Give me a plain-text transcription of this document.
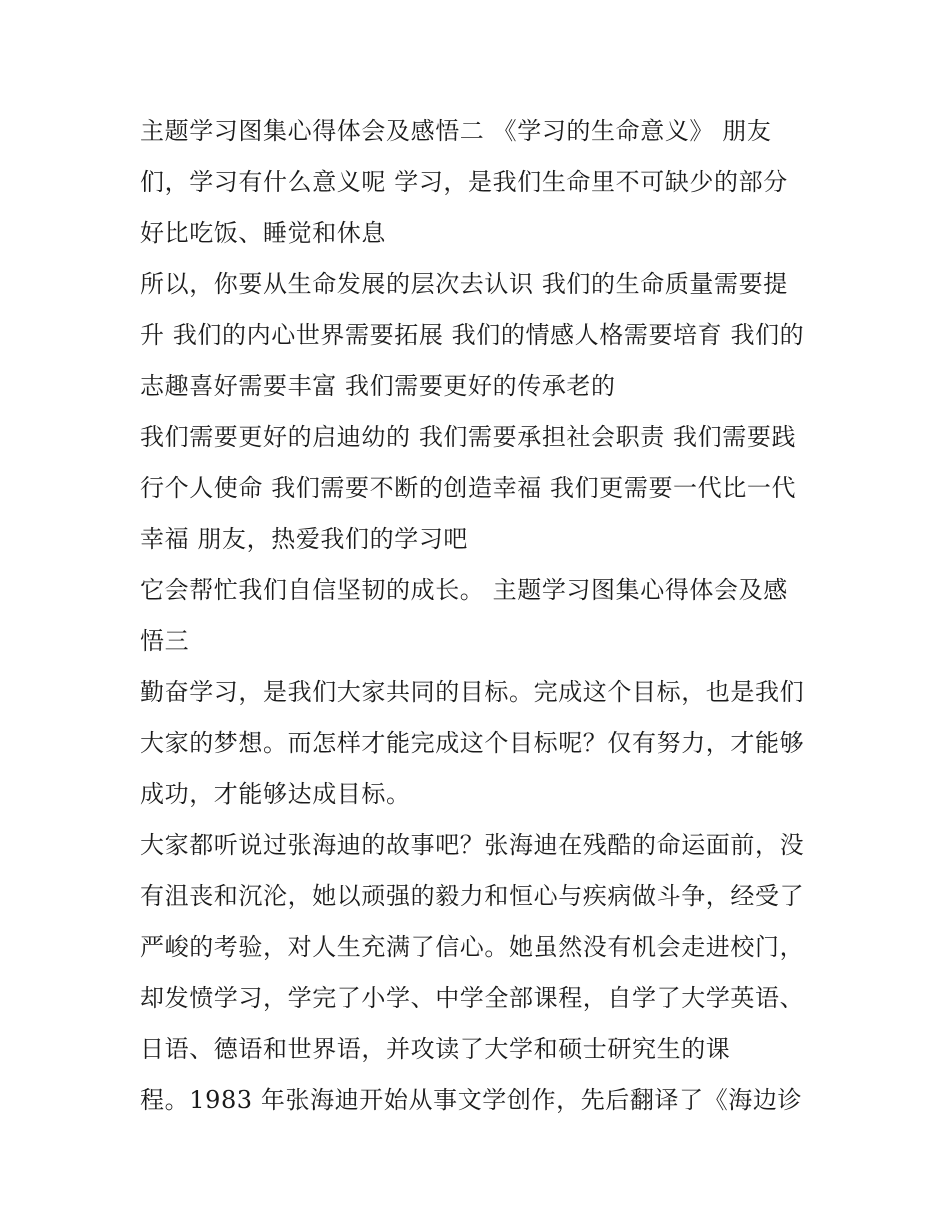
主题学习图集心得体会及感悟二 《学习的生命意义》 朋友
们，学习有什么意义呢 学习，是我们生命里不可缺少的部分
好比吃饭、睡觉和休息
所以，你要从生命发展的层次去认识 我们的生命质量需要提
升 我们的内心世界需要拓展 我们的情感人格需要培育 我们的
志趣喜好需要丰富 我们需要更好的传承老的
我们需要更好的启迪幼的 我们需要承担社会职责 我们需要践
行个人使命 我们需要不断的创造幸福 我们更需要一代比一代
幸福 朋友，热爱我们的学习吧
它会帮忙我们自信坚韧的成长。 主题学习图集心得体会及感
悟三
勤奋学习，是我们大家共同的目标。完成这个目标，也是我们
大家的梦想。而怎样才能完成这个目标呢？仅有努力，才能够
成功，才能够达成目标。
大家都听说过张海迪的故事吧？张海迪在残酷的命运面前，没
有沮丧和沉沦，她以顽强的毅力和恒心与疾病做斗争，经受了
严峻的考验，对人生充满了信心。她虽然没有机会走进校门，
却发愤学习，学完了小学、中学全部课程，自学了大学英语、
日语、德语和世界语，并攻读了大学和硕士研究生的课
程。1983 年张海迪开始从事文学创作，先后翻译了《海边诊
